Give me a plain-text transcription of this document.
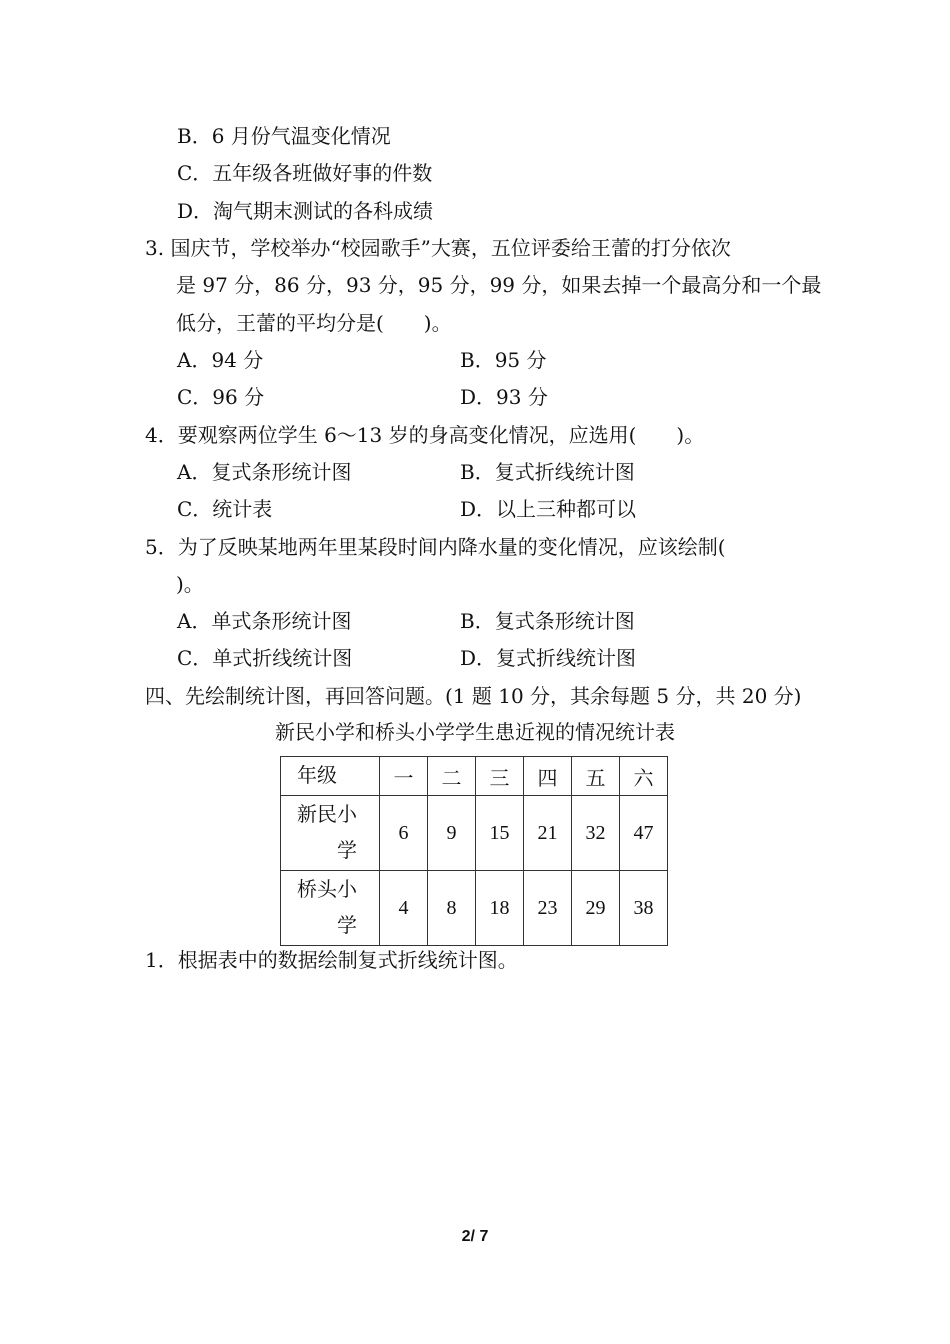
B．6 月份气温变化情况
C．五年级各班做好事的件数
D．淘气期末测试的各科成绩
3. 国庆节，学校举办“校园歌手”大赛，五位评委给王蕾的打分依次
是 97 分，86 分，93 分，95 分，99 分，如果去掉一个最高分和一个最
低分，王蕾的平均分是(　　)。
A．94 分	B．95 分
C．96 分	D．93 分
4．要观察两位学生 6～13 岁的身高变化情况，应选用(　　)。
A．复式条形统计图	B．复式折线统计图
C．统计表	D．以上三种都可以
5．为了反映某地两年里某段时间内降水量的变化情况，应该绘制(
)。
A．单式条形统计图	B．复式条形统计图
C．单式折线统计图	D．复式折线统计图
四、先绘制统计图，再回答问题。(1 题 10 分，其余每题 5 分，共 20 分)
新民小学和桥头小学学生患近视的情况统计表
年级	一	二	三	四	五	六

新民小
学	6	9	15	21	32	47

桥头小
学	4	8	18	23	29	38
1．根据表中的数据绘制复式折线统计图。
2/ 7
